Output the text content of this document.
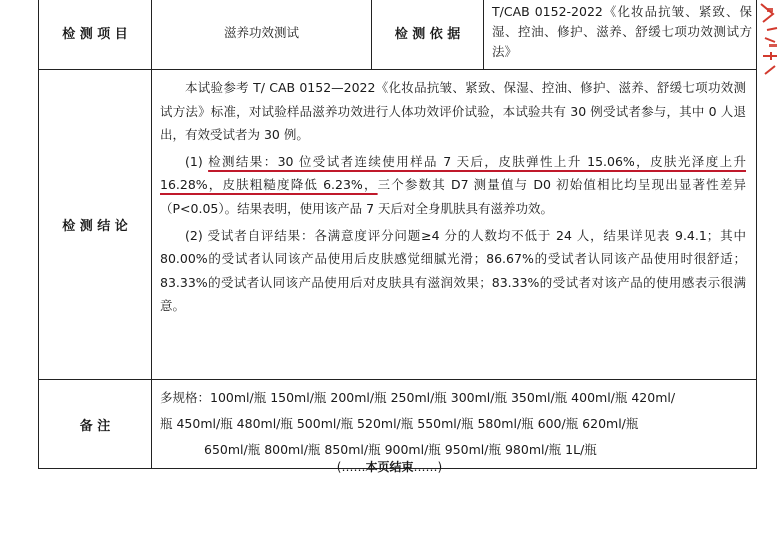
检 测 项 目	滋养功效测试	检 测 依 据	T/CAB 0152-2022《化妆品抗皱、紧致、保湿、控油、修护、滋养、舒缓七项功效测试方法》
检 测 结 论	本试验参考 T/ CAB 0152—2022《化妆品抗皱、紧致、保湿、控油、修护、滋养、舒缓七项功效测试方法》标准，对试验样品滋养功效进行人体功效评价试验，本试验共有 30 例受试者参与，其中 0 人退出，有效受试者为 30 例。

(1) 检测结果：30 位受试者连续使用样品 7 天后，皮肤弹性上升 15.06%，皮肤光泽度上升 16.28%，皮肤粗糙度降低 6.23%，三个参数其 D7 测量值与 D0 初始值相比均呈现出显著性差异（P<0.05）。结果表明，使用该产品 7 天后对全身肌肤具有滋养功效。

(2) 受试者自评结果：各满意度评分问题≥4 分的人数均不低于 24 人，结果详见表 9.4.1；其中 80.00%的受试者认同该产品使用后皮肤感觉细腻光滑；86.67%的受试者认同该产品使用时很舒适；83.33%的受试者认同该产品使用后对皮肤具有滋润效果；83.33%的受试者对该产品的使用感表示很满意。		

备 注	多规格：100ml/瓶 150ml/瓶 200ml/瓶 250ml/瓶 300ml/瓶 350ml/瓶 400ml/瓶 420ml/
瓶 450ml/瓶 480ml/瓶 500ml/瓶 520ml/瓶 550ml/瓶 580ml/瓶 600/瓶 620ml/瓶
650ml/瓶 800ml/瓶 850ml/瓶 900ml/瓶 950ml/瓶 980ml/瓶 1L/瓶		
(……本页结束……)
